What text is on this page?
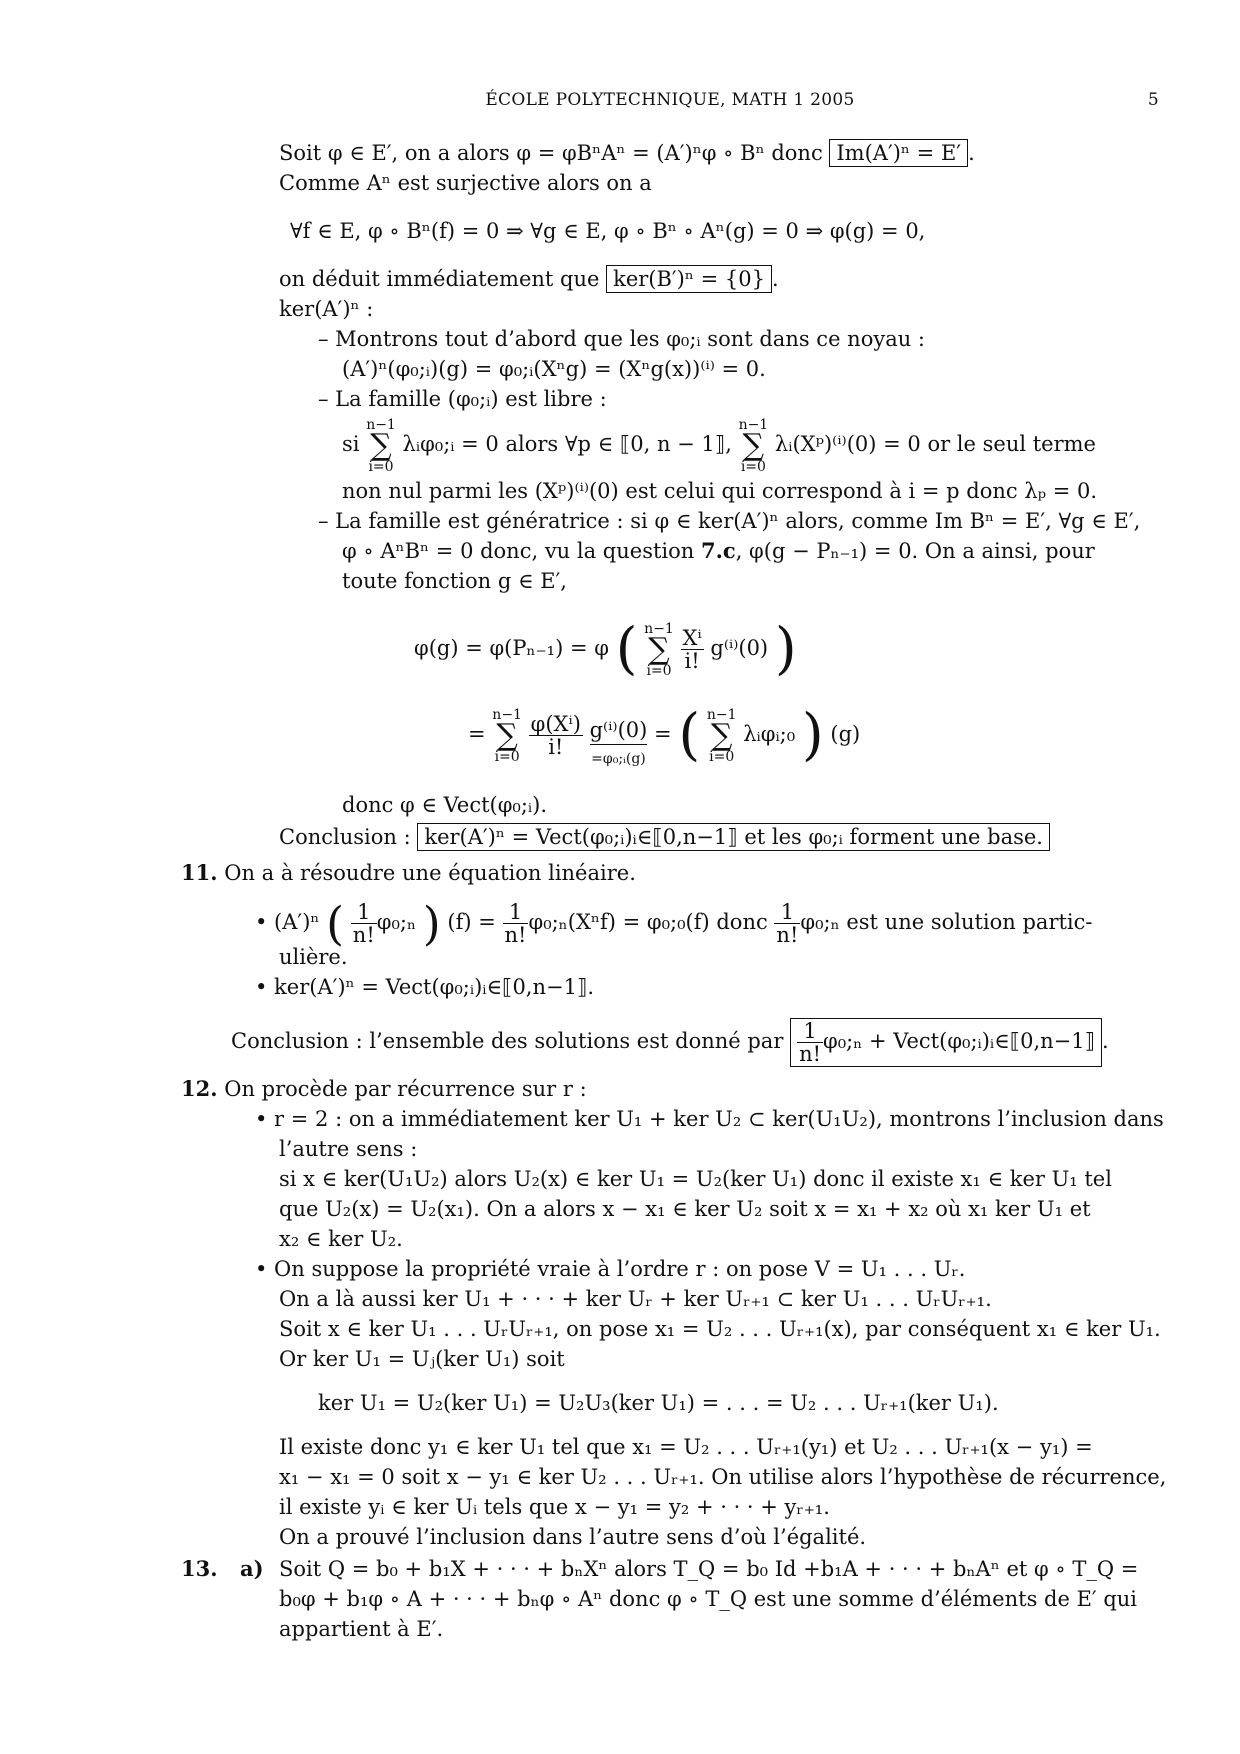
ÉCOLE POLYTECHNIQUE, MATH 1 2005	5
Soit φ ∈ E′, on a alors φ = φBⁿAⁿ = (A′)ⁿφ ∘ Bⁿ donc Im(A′)ⁿ = E′ .
Comme Aⁿ est surjective alors on a
∀f ∈ E, φ ∘ Bⁿ(f) = 0 ⇒ ∀g ∈ E, φ ∘ Bⁿ ∘ Aⁿ(g) = 0 ⇒ φ(g) = 0,
on déduit immédiatement que ker(B′)ⁿ = {0} .
ker(A′)ⁿ :
– Montrons tout d’abord que les φ₀;ᵢ sont dans ce noyau :
(A′)ⁿ(φ₀;ᵢ)(g) = φ₀;ᵢ(Xⁿg) = (Xⁿg(x))⁽ⁱ⁾ = 0.
– La famille (φ₀;ᵢ) est libre :
si n−1
∑
i=0 λᵢφ₀;ᵢ = 0 alors ∀p ∈ ⟦0, n − 1⟧, n−1
∑
i=0 λᵢ(Xᵖ)⁽ⁱ⁾(0) = 0 or le seul terme
non nul parmi les (Xᵖ)⁽ⁱ⁾(0) est celui qui correspond à i = p donc λₚ = 0.
– La famille est génératrice : si φ ∈ ker(A′)ⁿ alors, comme Im Bⁿ = E′, ∀g ∈ E′,
φ ∘ AⁿBⁿ = 0 donc, vu la question 7.c, φ(g − Pₙ₋₁) = 0. On a ainsi, pour
toute fonction g ∈ E′,
φ(g) = φ(Pₙ₋₁) = φ ( n−1
∑
$i=0 \frac{\text{Xⁱ}}{i!} g^{(i)}(0)$ )
= n−1
∑
$i=0 \frac{\text{φ(Xⁱ)}}{i!} g^{(i)}(0)$
=φ₀;ᵢ(g)
= ( n−1
∑
i=0 λᵢφᵢ;₀ ) (g)
donc φ ∈ Vect(φ₀;ᵢ).
Conclusion : ker(A′)ⁿ = Vect(φ₀;ᵢ)ᵢ∈⟦0,n−1⟧ et les φ₀;ᵢ forment une base.
11. On a à résoudre une équation linéaire.
• (A′)ⁿ ( $\frac{1}{n!}$ φ₀;ₙ ) $(f) = \frac{1}{n!}$ φ₀;ₙ(Xⁿf) = φ₀;₀(f) donc $\frac{1}{n!}$ φ₀;ₙ est une solution partic-
ulière.
• ker(A′)ⁿ = Vect(φ₀;ᵢ)ᵢ∈⟦0,n−1⟧.
Conclusion : l’ensemble des solutions est donné par $\frac{1}{n!}$ φ₀;ₙ + Vect(φ₀;ᵢ)ᵢ∈⟦0,n−1⟧ .
12. On procède par récurrence sur r :
• r = 2 : on a immédiatement ker U₁ + ker U₂ ⊂ ker(U₁U₂), montrons l’inclusion dans
l’autre sens :
si x ∈ ker(U₁U₂) alors U₂(x) ∈ ker U₁ = U₂(ker U₁) donc il existe x₁ ∈ ker U₁ tel
que U₂(x) = U₂(x₁). On a alors x − x₁ ∈ ker U₂ soit x = x₁ + x₂ où x₁ ker U₁ et
x₂ ∈ ker U₂.
• On suppose la propriété vraie à l’ordre r : on pose V = U₁ . . . Uᵣ.
On a là aussi ker U₁ + · · · + ker Uᵣ + ker Uᵣ₊₁ ⊂ ker U₁ . . . UᵣUᵣ₊₁.
Soit x ∈ ker U₁ . . . UᵣUᵣ₊₁, on pose x₁ = U₂ . . . Uᵣ₊₁(x), par conséquent x₁ ∈ ker U₁.
Or ker U₁ = Uⱼ(ker U₁) soit
ker U₁ = U₂(ker U₁) = U₂U₃(ker U₁) = . . . = U₂ . . . Uᵣ₊₁(ker U₁).
Il existe donc y₁ ∈ ker U₁ tel que x₁ = U₂ . . . Uᵣ₊₁(y₁) et U₂ . . . Uᵣ₊₁(x − y₁) =
x₁ − x₁ = 0 soit x − y₁ ∈ ker U₂ . . . Uᵣ₊₁. On utilise alors l’hypothèse de récurrence,
il existe yᵢ ∈ ker Uᵢ tels que x − y₁ = y₂ + · · · + yᵣ₊₁.
On a prouvé l’inclusion dans l’autre sens d’où l’égalité.
13. a) Soit Q = b₀ + b₁X + · · · + bₙXⁿ alors T_Q = b₀ Id +b₁A + · · · + bₙAⁿ et φ ∘ T_Q =
b₀φ + b₁φ ∘ A + · · · + bₙφ ∘ Aⁿ donc φ ∘ T_Q est une somme d’éléments de E′ qui
appartient à E′.
